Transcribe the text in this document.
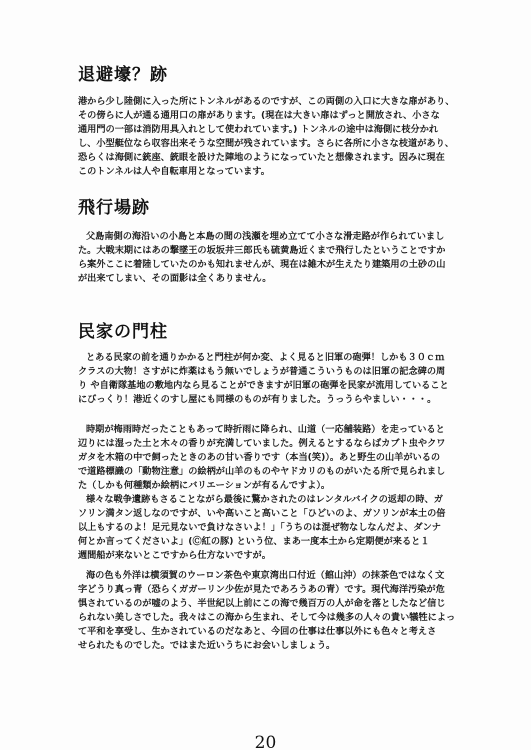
退避壕？跡
港から少し陸側に入った所にトンネルがあるのですが、この両側の入口に大きな扉があり、
その傍らに人が通る通用口の扉があります。(現在は大きい扉はずっと開放され、小さな
通用門の一部は消防用具入れとして使われています。) トンネルの途中は海側に枝分かれ
し、小型艇位なら収容出来そうな空間が残されています。さらに各所に小さな枝道があり、
恐らくは海側に銃座、銃眼を設けた陣地のようになっていたと想像されます。因みに現在
このトンネルは人や自転車用となっています。
飛行場跡
父島南側の海沿いの小島と本島の間の浅瀬を埋め立てて小さな滑走路が作られていまし
た。大戦末期にはあの撃墜王の坂坂井三郎氏も硫黄島近くまで飛行したということですか
ら案外ここに着陸していたのかも知れませんが、現在は雑木が生えたり建築用の土砂の山
が出来てしまい、その面影は全くありません。
民家の門柱
とある民家の前を通りかかると門柱が何か変、よく見ると旧軍の砲弾！しかも３０ｃｍ
クラスの大物！さすがに炸薬はもう無いでしょうが普通こういうものは旧軍の記念碑の周
り や自衛隊基地の敷地内なら見ることができますが旧軍の砲弾を民家が流用していること
にびっくり！港近くのすし屋にも同様のものが有りました。うっうらやましい・・・。
時期が梅雨時だったこともあって時折雨に降られ、山道（一応舗装路）を走っていると
辺りには湿った土と木々の香りが充満していました。例えるとするならばカブト虫やクワ
ガタを木箱の中で飼ったときのあの甘い香りです（本当(笑)）。あと野生の山羊がいるの
で道路標識の「動物注意」の絵柄が山羊のものやヤドカリのものがいたる所で見られまし
た（しかも何種類か絵柄にバリエーションが有るんですよ）。
様々な戦争遺跡もさることながら最後に驚かされたのはレンタルバイクの返却の時、ガ
ソリン満タン返しなのですが、いや高いこと高いこと「ひどいのよ、ガソリンが本土の倍
以上もするのよ！足元見ないで負けなさいよ！」「うちのは混ぜ物なしなんだよ、ダンナ
何とか言ってくださいよ」(Ⓒ紅の豚) という位、まあ一度本土から定期便が来ると１
週間船が来ないとこですから仕方ないですが。
海の色も外洋は横須賀のウーロン茶色や東京湾出口付近（館山沖）の抹茶色ではなく文
字どうり真っ青（恐らくガガーリン少佐が見たであろうあの青）です。現代海洋汚染が危
惧されているのが嘘のよう、半世紀以上前にこの海で幾百万の人が命を落としたなど信じ
られない美しさでした。我々はこの海から生まれ、そして今は幾多の人々の貴い犠牲によっ
て平和を享受し、生かされているのだなあと、今回の仕事は仕事以外にも色々と考えさ
せられたものでした。ではまた近いうちにお会いしましょう。
20
